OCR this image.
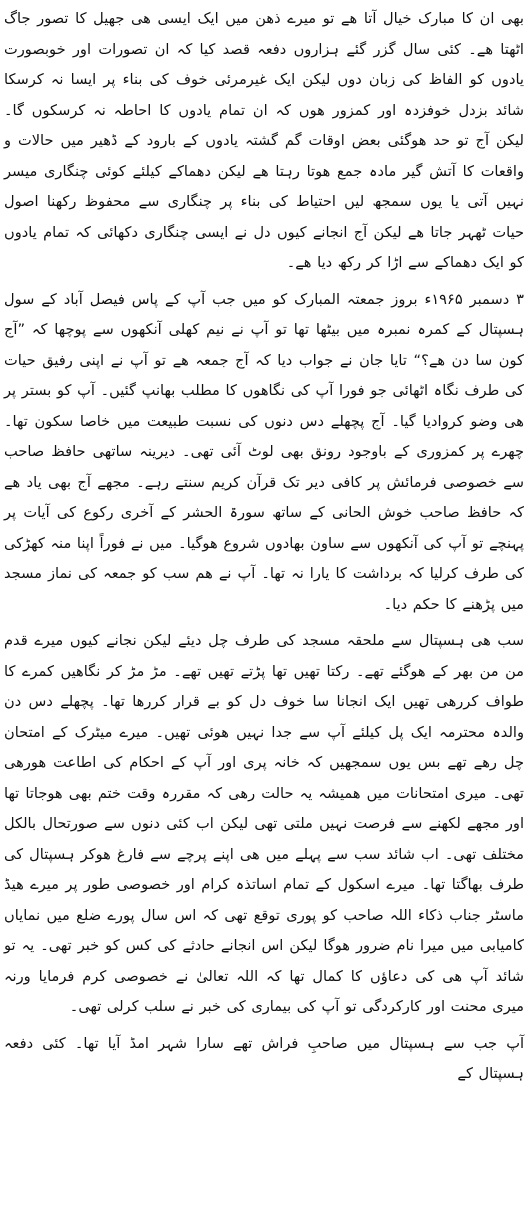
بھی ان کا مبارک خیال آتا ھے تو میرے ذھن میں ایک ایسی ھی جھیل کا تصور جاگ اٹھتا ھے۔ کئی سال گزر گئے ہزاروں دفعہ قصد کیا کہ ان تصورات اور خوبصورت یادوں کو الفاظ کی زبان دوں لیکن ایک غیرمرئی خوف کی بناء پر ایسا نہ کرسکا شائد بزدل خوفزدہ اور کمزور ھوں کہ ان تمام یادوں کا احاطہ نہ کرسکوں گا۔ لیکن آج تو حد ھوگئی بعض اوقات گم گشتہ یادوں کے بارود کے ڈھیر میں حالات و واقعات کا آتش گیر مادہ جمع ھوتا رہتا ھے لیکن دھماکے کیلئے کوئی چنگاری میسر نہیں آتی یا یوں سمجھ لیں احتیاط کی بناء پر چنگاری سے محفوظ رکھنا اصول حیات ٹھہر جاتا ھے لیکن آج انجانے کیوں دل نے ایسی چنگاری دکھائی کہ تمام یادوں کو ایک دھماکے سے اڑا کر رکھ دیا ھے۔

۳ دسمبر ۱۹۶۵ء بروز جمعتہ المبارک کو میں جب آپ کے پاس فیصل آباد کے سول ہسپتال کے کمرہ نمبرہ میں بیٹھا تھا تو آپ نے نیم کھلی آنکھوں سے پوچھا کہ ”آج کون سا دن ھے؟“ تایا جان نے جواب دیا کہ آج جمعہ ھے تو آپ نے اپنی رفیق حیات کی طرف نگاہ اٹھائی جو فورا آپ کی نگاھوں کا مطلب بھانپ گئیں۔ آپ کو بستر پر ھی وضو کروادیا گیا۔ آج پچھلے دس دنوں کی نسبت طبیعت میں خاصا سکون تھا۔ چھرے پر کمزوری کے باوجود رونق بھی لوٹ آئی تھی۔ دیرینہ ساتھی حافظ صاحب سے خصوصی فرمائش پر کافی دیر تک قرآن کریم سنتے رہے۔ مجھے آج بھی یاد ھے کہ حافظ صاحب خوش الحانی کے ساتھ سورۃ الحشر کے آخری رکوع کی آیات پر پہنچے تو آپ کی آنکھوں سے ساون بھادوں شروع ھوگیا۔ میں نے فوراً اپنا منہ کھڑکی کی طرف کرلیا کہ برداشت کا یارا نہ تھا۔ آپ نے ھم سب کو جمعہ کی نماز مسجد میں پڑھنے کا حکم دیا۔

سب ھی ہسپتال سے ملحقہ مسجد کی طرف چل دیئے لیکن نجانے کیوں میرے قدم من من بھر کے ھوگئے تھے۔ رکتا تھیں تھا پڑتے تھیں تھے۔ مڑ مڑ کر نگاھیں کمرے کا طواف کررھی تھیں ایک انجانا سا خوف دل کو بے قرار کررھا تھا۔ پچھلے دس دن والدہ محترمہ ایک پل کیلئے آپ سے جدا نہیں ھوئی تھیں۔ میرے میٹرک کے امتحان چل رھے تھے بس یوں سمجھیں کہ خانہ پری اور آپ کے احکام کی اطاعت ھورھی تھی۔ میری امتحانات میں ھمیشہ یہ حالت رھی کہ مقررہ وقت ختم بھی ھوجاتا تھا اور مجھے لکھنے سے فرصت نہیں ملتی تھی لیکن اب کئی دنوں سے صورتحال بالکل مختلف تھی۔ اب شائد سب سے پہلے میں ھی اپنے پرچے سے فارغ ھوکر ہسپتال کی طرف بھاگتا تھا۔ میرے اسکول کے تمام اساتذہ کرام اور خصوصی طور پر میرے ھیڈ ماسٹر جناب ذکاء اللہ صاحب کو پوری توقع تھی کہ اس سال پورے ضلع میں نمایاں کامیابی میں میرا نام ضرور ھوگا لیکن اس انجانے حادثے کی کس کو خبر تھی۔ یہ تو شائد آپ ھی کی دعاؤں کا کمال تھا کہ اللہ تعالیٰ نے خصوصی کرم فرمایا ورنہ میری محنت اور کارکردگی تو آپ کی بیماری کی خبر نے سلب کرلی تھی۔

آپ جب سے ہسپتال میں صاحبِ فراش تھے سارا شہر امڈ آیا تھا۔ کئی دفعہ ہسپتال کے
